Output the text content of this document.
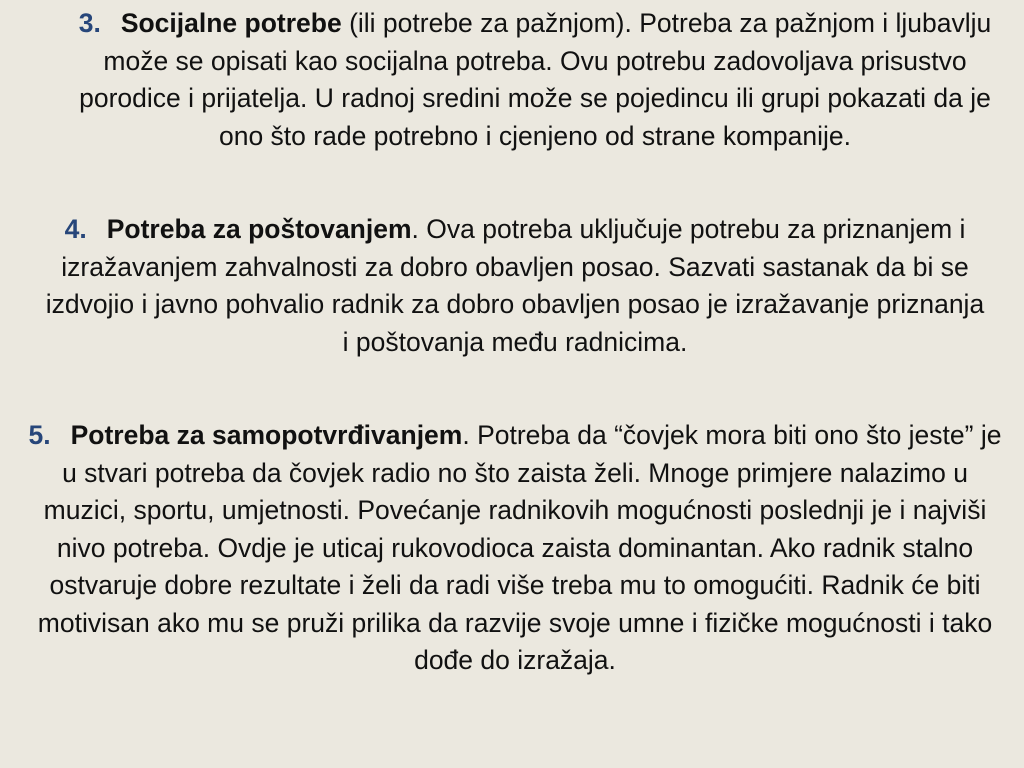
3. Socijalne potrebe (ili potrebe za pažnjom). Potreba za pažnjom i ljubavlju može se opisati kao socijalna potreba. Ovu potrebu zadovoljava prisustvo porodice i prijatelja. U radnoj sredini može se pojedincu ili grupi pokazati da je ono što rade potrebno i cjenjeno od strane kompanije.

4. Potreba za poštovanjem. Ova potreba uključuje potrebu za priznanjem i izražavanjem zahvalnosti za dobro obavljen posao. Sazvati sastanak da bi se izdvojio i javno pohvalio radnik za dobro obavljen posao je izražavanje priznanja i poštovanja među radnicima.

5. Potreba za samopotvrđivanjem. Potreba da “čovjek mora biti ono što jeste” je u stvari potreba da čovjek radio no što zaista želi. Mnoge primjere nalazimo u muzici, sportu, umjetnosti. Povećanje radnikovih mogućnosti poslednji je i najviši nivo potreba. Ovdje je uticaj rukovodioca zaista dominantan. Ako radnik stalno ostvaruje dobre rezultate i želi da radi više treba mu to omogućiti. Radnik će biti motivisan ako mu se pruži prilika da razvije svoje umne i fizičke mogućnosti i tako dođe do izražaja.
